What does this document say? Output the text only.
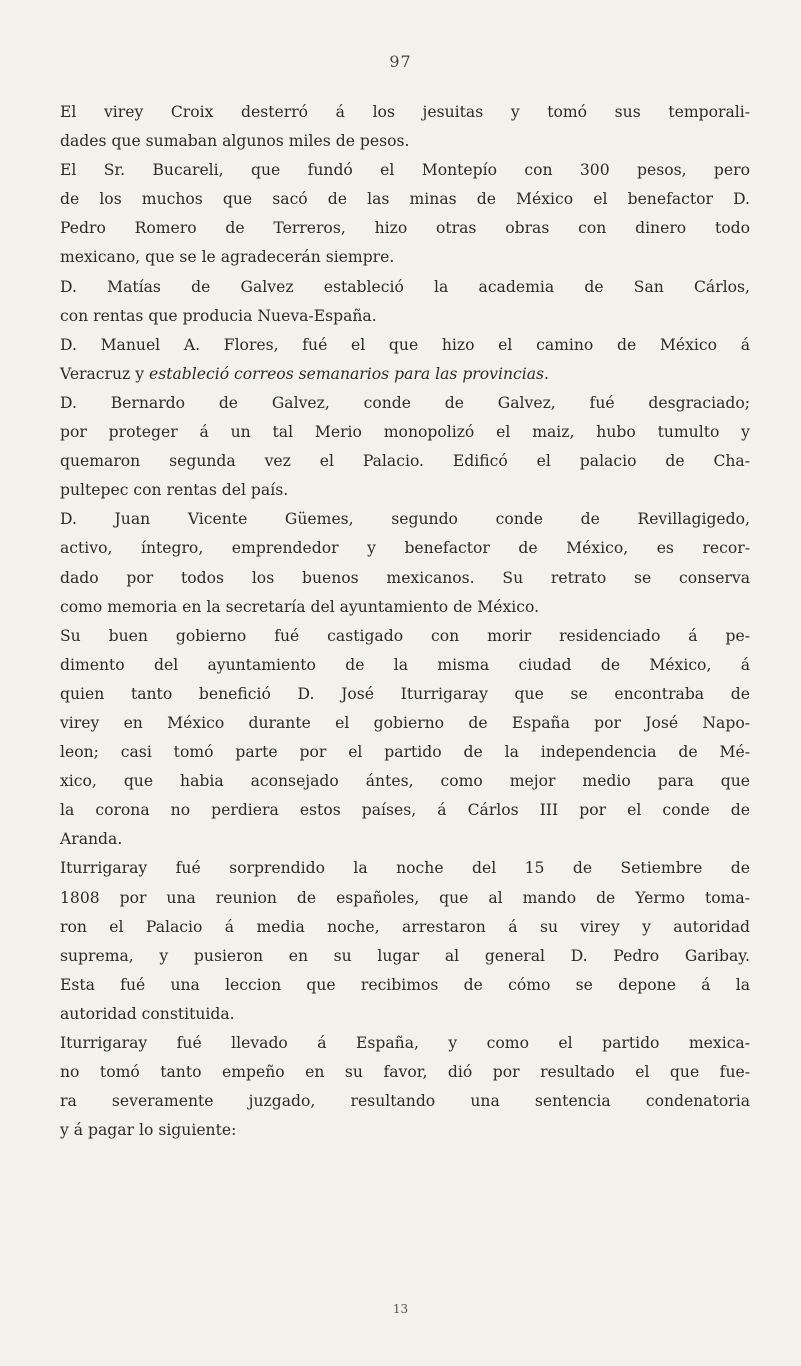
97

El virey Croix desterró á los jesuitas y tomó sus temporali-
dades que sumaban algunos miles de pesos.

El Sr. Bucareli, que fundó el Montepío con 300 pesos, pero
de los muchos que sacó de las minas de México el benefactor D.
Pedro Romero de Terreros, hizo otras obras con dinero todo
mexicano, que se le agradecerán siempre.

D. Matías de Galvez estableció la academia de San Cárlos,
con rentas que producia Nueva-España.

D. Manuel A. Flores, fué el que hizo el camino de México á
Veracruz y estableció correos semanarios para las provincias.

D. Bernardo de Galvez, conde de Galvez, fué desgraciado;
por proteger á un tal Merio monopolizó el maiz, hubo tumulto y
quemaron segunda vez el Palacio. Edificó el palacio de Cha-
pultepec con rentas del país.

D. Juan Vicente Güemes, segundo conde de Revillagigedo,
activo, íntegro, emprendedor y benefactor de México, es recor-
dado por todos los buenos mexicanos. Su retrato se conserva
como memoria en la secretaría del ayuntamiento de México.

Su buen gobierno fué castigado con morir residenciado á pe-
dimento del ayuntamiento de la misma ciudad de México, á
quien tanto benefició D. José Iturrigaray que se encontraba de
virey en México durante el gobierno de España por José Napo-
leon; casi tomó parte por el partido de la independencia de Mé-
xico, que habia aconsejado ántes, como mejor medio para que
la corona no perdiera estos países, á Cárlos III por el conde de
Aranda.

Iturrigaray fué sorprendido la noche del 15 de Setiembre de
1808 por una reunion de españoles, que al mando de Yermo toma-
ron el Palacio á media noche, arrestaron á su virey y autoridad
suprema, y pusieron en su lugar al general D. Pedro Garibay.
Esta fué una leccion que recibimos de cómo se depone á la
autoridad constituida.

Iturrigaray fué llevado á España, y como el partido mexica-
no tomó tanto empeño en su favor, dió por resultado el que fue-
ra severamente juzgado, resultando una sentencia condenatoria
y á pagar lo siguiente:

13
